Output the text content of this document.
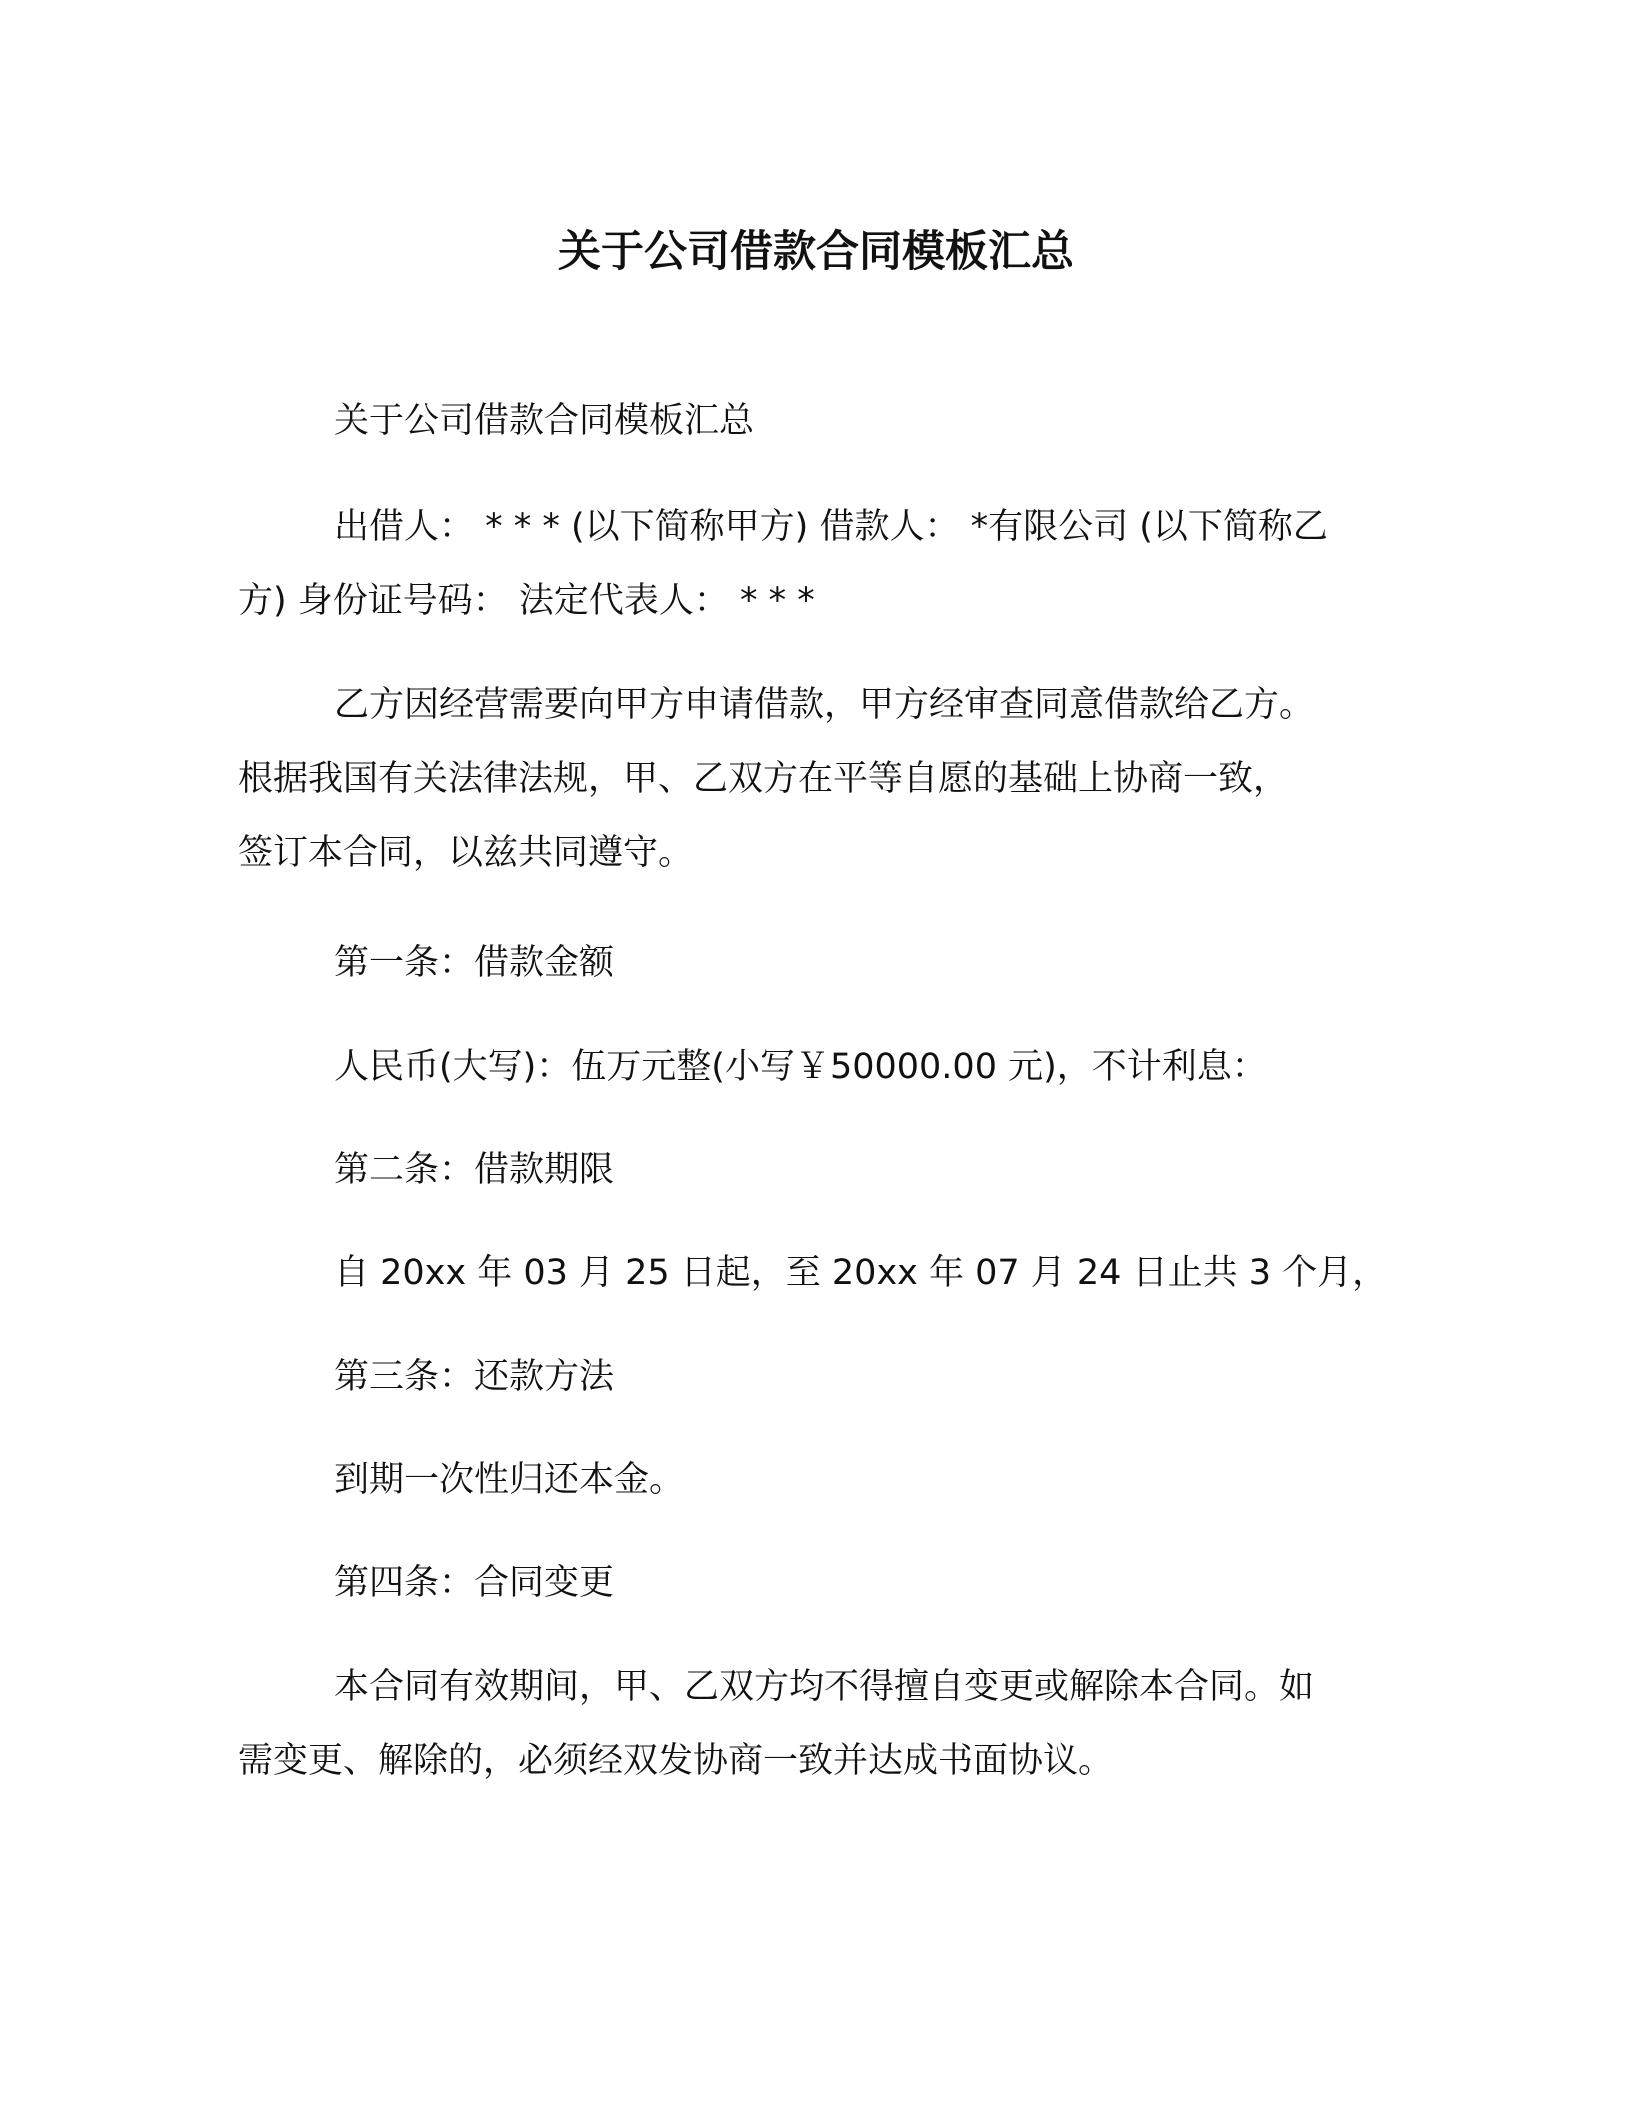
关于公司借款合同模板汇总
关于公司借款合同模板汇总
出借人： * * * (以下简称甲方) 借款人： *有限公司 (以下简称乙
方) 身份证号码： 法定代表人： * * *
乙方因经营需要向甲方申请借款，甲方经审查同意借款给乙方。
根据我国有关法律法规，甲、乙双方在平等自愿的基础上协商一致，
签订本合同，以兹共同遵守。
第一条：借款金额
人民币(大写)：伍万元整(小写￥50000.00 元)，不计利息：
第二条：借款期限
自 20xx 年 03 月 25 日起，至 20xx 年 07 月 24 日止共 3 个月，
第三条：还款方法
到期一次性归还本金。
第四条：合同变更
本合同有效期间，甲、乙双方均不得擅自变更或解除本合同。如
需变更、解除的，必须经双发协商一致并达成书面协议。
